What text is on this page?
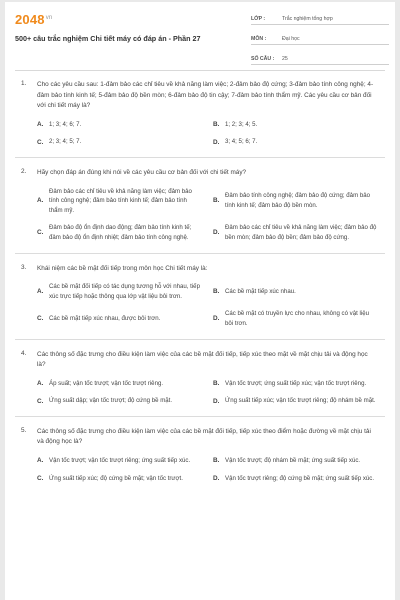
$2048^{vn}$
500+ câu trắc nghiệm Chi tiết máy có đáp án - Phần 27
LỚP :	Trắc nghiệm tổng hợp
MÔN :	Đại học
SỐ CÂU :	25
1. Cho các yêu cầu sau: 1-đảm bảo các chỉ tiêu về khả năng làm việc; 2-đảm bảo độ cứng; 3-đảm bảo tính công nghệ; 4-đảm bảo tính kinh tế; 5-đảm bảo độ bền mòn; 6-đảm bảo độ tin cậy; 7-đảm bảo tính thẩm mỹ. Các yêu cầu cơ bản đối với chi tiết máy là?
A. 1; 3; 4; 6; 7.	B. 1; 2; 3; 4; 5.
C. 2; 3; 4; 5; 7.	D. 3; 4; 5; 6; 7.
2. Hãy chọn đáp án đúng khi nói về các yêu cầu cơ bản đối với chi tiết máy?
A.
Đảm bảo các chỉ tiêu về khả năng làm việc; đảm bảo tính công nghệ; đảm bảo tính kinh tế; đảm bảo tính thẩm mỹ.
B.
Đảm bảo tính công nghệ; đảm bảo độ cứng; đảm bảo tính kinh tế; đảm bảo độ bền mòn.
C.
Đảm bảo độ ổn định dao động; đảm bảo tính kinh tế; đảm bảo độ ổn định nhiệt; đảm bảo tính công nghệ.
D.
Đảm bảo các chỉ tiêu về khả năng làm việc; đảm bảo độ bền mòn; đảm bảo độ bền; đảm bảo độ cứng.
3. Khái niệm các bề mặt đối tiếp trong môn học Chi tiết máy là:
A.
Các bề mặt đối tiếp có tác dụng tương hỗ với nhau, tiếp xúc trực tiếp hoặc thông qua lớp vật liệu bôi trơn.
B. Các bề mặt tiếp xúc nhau.
C. Các bề mặt tiếp xúc nhau, được bôi trơn.	D.
Các bề mặt có truyền lực cho nhau, không có vật liệu bôi trơn.
4. Các thông số đặc trưng cho điều kiện làm việc của các bề mặt đối tiếp, tiếp xúc theo mặt về mặt chịu tải và động học là?
A. Áp suất; vận tốc trượt; vận tốc trượt riêng.	B. Vận tốc trượt; ứng suất tiếp xúc; vận tốc trượt riêng.
C. Ứng suất dập; vận tốc trượt; độ cứng bề mặt.	D. Ứng suất tiếp xúc; vận tốc trượt riêng; độ nhám bề mặt.
5. Các thông số đặc trưng cho điều kiện làm việc của các bề mặt đối tiếp, tiếp xúc theo điểm hoặc đường về mặt chịu tải và động học là?
A. Vận tốc trượt; vận tốc trượt riêng; ứng suất tiếp xúc.	B. Vận tốc trượt; độ nhám bề mặt; ứng suất tiếp xúc.
C. Ứng suất tiếp xúc; độ cứng bề mặt; vận tốc trượt.	D. Vận tốc trượt riêng; độ cứng bề mặt; ứng suất tiếp xúc.
